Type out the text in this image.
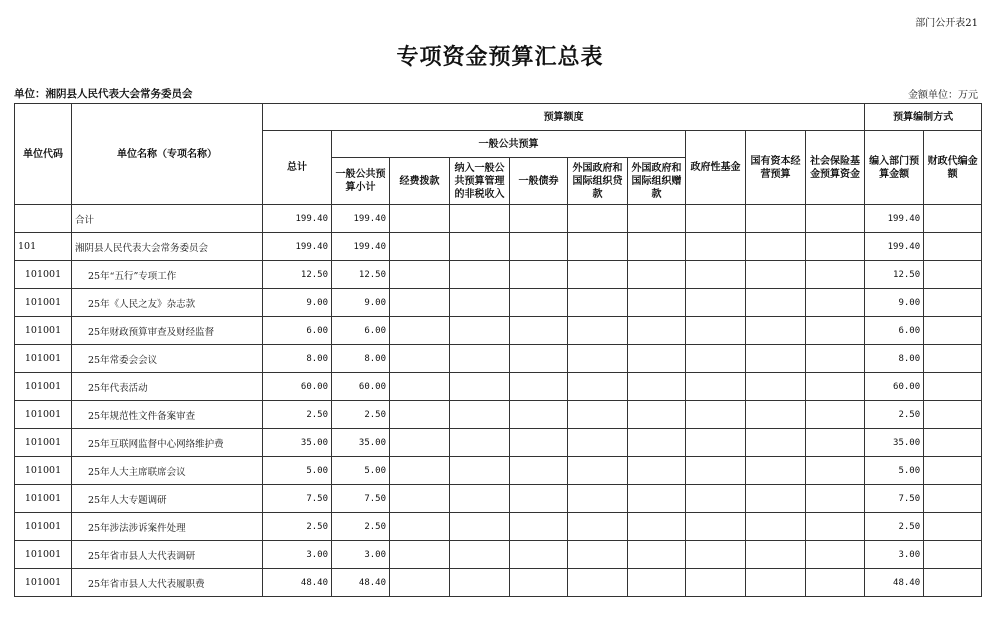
部门公开表21
专项资金预算汇总表
单位：湘阴县人民代表大会常务委员会	金额单位：万元
单位代码	单位名称（专项名称）	预算额度										预算编制方式	
		总计	一般公共预算						政府性基金	国有资本经营预算	社会保险基金预算资金	编入部门预算金额	财政代编金额
			一般公共预算小计	经费拨款	纳入一般公共预算管理的非税收入	一般债券	外国政府和国际组织贷款	外国政府和国际组织赠款					
	合计	199.40	199.40									199.40	
101	湘阴县人民代表大会常务委员会	199.40	199.40									199.40	
101001	25年“五行”专项工作	12.50	12.50									12.50	
101001	25年《人民之友》杂志款	9.00	9.00									9.00	
101001	25年财政预算审查及财经监督	6.00	6.00									6.00	
101001	25年常委会会议	8.00	8.00									8.00	
101001	25年代表活动	60.00	60.00									60.00	
101001	25年规范性文件备案审查	2.50	2.50									2.50	
101001	25年互联网监督中心网络维护费	35.00	35.00									35.00	
101001	25年人大主席联席会议	5.00	5.00									5.00	
101001	25年人大专题调研	7.50	7.50									7.50	
101001	25年涉法涉诉案件处理	2.50	2.50									2.50	
101001	25年省市县人大代表调研	3.00	3.00									3.00	
101001	25年省市县人大代表履职费	48.40	48.40									48.40	
